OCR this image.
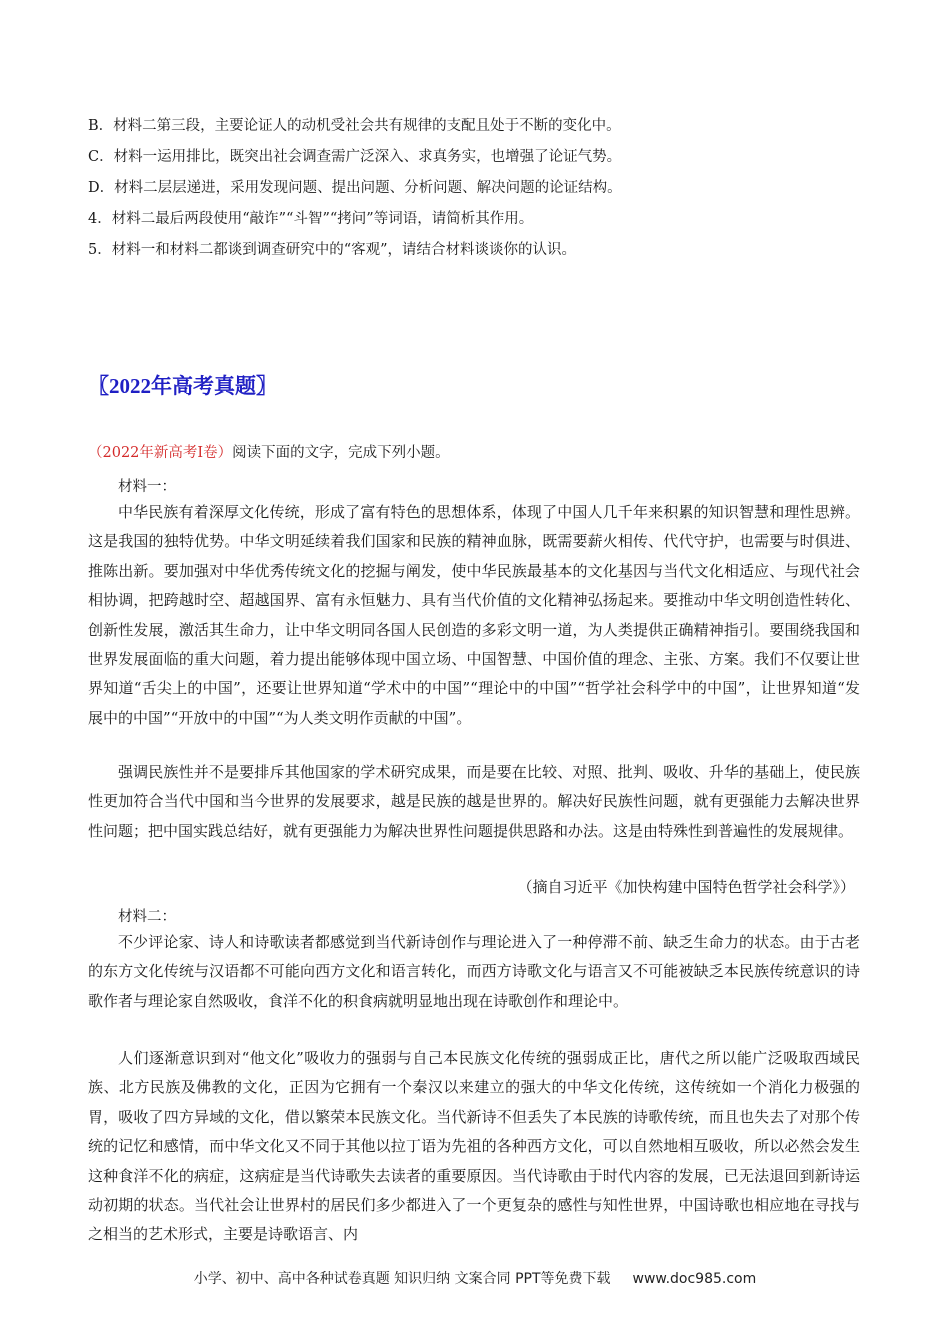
B．材料二第三段，主要论证人的动机受社会共有规律的支配且处于不断的变化中。
C．材料一运用排比，既突出社会调查需广泛深入、求真务实，也增强了论证气势。
D．材料二层层递进，采用发现问题、提出问题、分析问题、解决问题的论证结构。
4．材料二最后两段使用“敲诈”“斗智”“拷问”等词语，请简析其作用。
5．材料一和材料二都谈到调查研究中的“客观”，请结合材料谈谈你的认识。
〖2022年高考真题〗
（2022年新高考Ⅰ卷）阅读下面的文字，完成下列小题。
材料一：

中华民族有着深厚文化传统，形成了富有特色的思想体系，体现了中国人几千年来积累的知识智慧和理性思辨。这是我国的独特优势。中华文明延续着我们国家和民族的精神血脉，既需要薪火相传、代代守护，也需要与时俱进、推陈出新。要加强对中华优秀传统文化的挖掘与阐发，使中华民族最基本的文化基因与当代文化相适应、与现代社会相协调，把跨越时空、超越国界、富有永恒魅力、具有当代价值的文化精神弘扬起来。要推动中华文明创造性转化、创新性发展，激活其生命力，让中华文明同各国人民创造的多彩文明一道，为人类提供正确精神指引。要围绕我国和世界发展面临的重大问题，着力提出能够体现中国立场、中国智慧、中国价值的理念、主张、方案。我们不仅要让世界知道“舌尖上的中国”，还要让世界知道“学术中的中国”“理论中的中国”“哲学社会科学中的中国”，让世界知道“发展中的中国”“开放中的中国”“为人类文明作贡献的中国”。

强调民族性并不是要排斥其他国家的学术研究成果，而是要在比较、对照、批判、吸收、升华的基础上，使民族性更加符合当代中国和当今世界的发展要求，越是民族的越是世界的。解决好民族性问题，就有更强能力去解决世界性问题；把中国实践总结好，就有更强能力为解决世界性问题提供思路和办法。这是由特殊性到普遍性的发展规律。

（摘自习近平《加快构建中国特色哲学社会科学》）
材料二：

不少评论家、诗人和诗歌读者都感觉到当代新诗创作与理论进入了一种停滞不前、缺乏生命力的状态。由于古老的东方文化传统与汉语都不可能向西方文化和语言转化，而西方诗歌文化与语言又不可能被缺乏本民族传统意识的诗歌作者与理论家自然吸收，食洋不化的积食病就明显地出现在诗歌创作和理论中。

人们逐渐意识到对“他文化”吸收力的强弱与自己本民族文化传统的强弱成正比，唐代之所以能广泛吸取西域民族、北方民族及佛教的文化，正因为它拥有一个秦汉以来建立的强大的中华文化传统，这传统如一个消化力极强的胃，吸收了四方异域的文化，借以繁荣本民族文化。当代新诗不但丢失了本民族的诗歌传统，而且也失去了对那个传统的记忆和感情，而中华文化又不同于其他以拉丁语为先祖的各种西方文化，可以自然地相互吸收，所以必然会发生这种食洋不化的病症，这病症是当代诗歌失去读者的重要原因。当代诗歌由于时代内容的发展，已无法退回到新诗运动初期的状态。当代社会让世界村的居民们多少都进入了一个更复杂的感性与知性世界，中国诗歌也相应地在寻找与之相当的艺术形式，主要是诗歌语言、内

小学、初中、高中各种试卷真题 知识归纳 文案合同 PPT等免费下载 www.doc985.com
